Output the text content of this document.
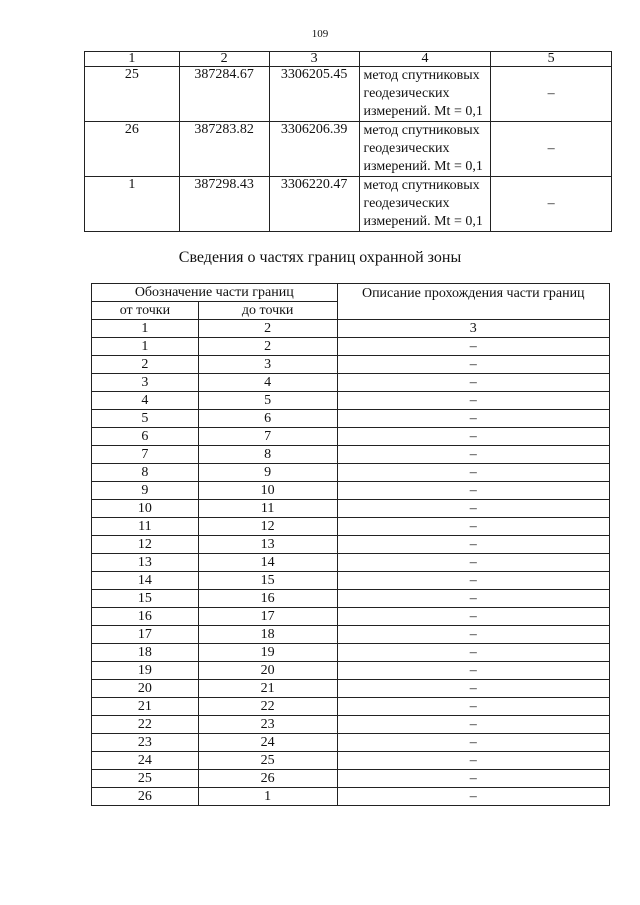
109
1	2	3	4	5
25	387284.67	3306205.45	метод спутниковых
геодезических
измерений. Mt = 0,1	–
26	387283.82	3306206.39	метод спутниковых
геодезических
измерений. Mt = 0,1	–
1	387298.43	3306220.47	метод спутниковых
геодезических
измерений. Mt = 0,1	–
Сведения о частях границ охранной зоны
Обозначение части границ		Описание прохождения части границ
от точки	до точки	
1	2	3
1	2	–
2	3	–
3	4	–
4	5	–
5	6	–
6	7	–
7	8	–
8	9	–
9	10	–
10	11	–
11	12	–
12	13	–
13	14	–
14	15	–
15	16	–
16	17	–
17	18	–
18	19	–
19	20	–
20	21	–
21	22	–
22	23	–
23	24	–
24	25	–
25	26	–
26	1	–
